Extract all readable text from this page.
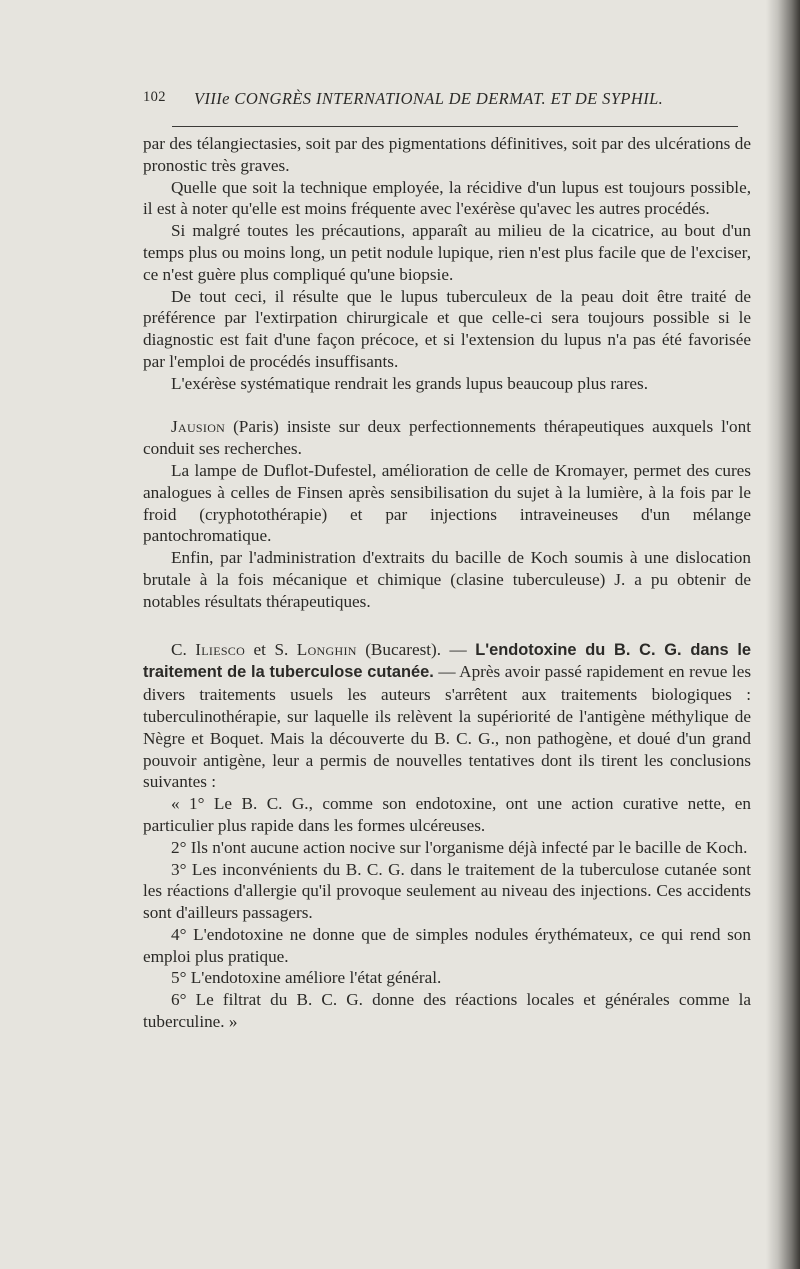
102 VIIIe CONGRÈS INTERNATIONAL DE DERMAT. ET DE SYPHIL.

par des télangiectasies, soit par des pigmentations définitives, soit par des ulcérations de pronostic très graves.

Quelle que soit la technique employée, la récidive d'un lupus est toujours possible, il est à noter qu'elle est moins fréquente avec l'exérèse qu'avec les autres procédés.

Si malgré toutes les précautions, apparaît au milieu de la cicatrice, au bout d'un temps plus ou moins long, un petit nodule lupique, rien n'est plus facile que de l'exciser, ce n'est guère plus compliqué qu'une biopsie.

De tout ceci, il résulte que le lupus tuberculeux de la peau doit être traité de préférence par l'extirpation chirurgicale et que celle-ci sera toujours possible si le diagnostic est fait d'une façon précoce, et si l'extension du lupus n'a pas été favorisée par l'emploi de procédés insuffisants.

L'exérèse systématique rendrait les grands lupus beaucoup plus rares.

Jausion (Paris) insiste sur deux perfectionnements thérapeutiques auxquels l'ont conduit ses recherches.

La lampe de Duflot-Dufestel, amélioration de celle de Kromayer, permet des cures analogues à celles de Finsen après sensibilisation du sujet à la lumière, à la fois par le froid (cryphotothérapie) et par injections intraveineuses d'un mélange pantochromatique.

Enfin, par l'administration d'extraits du bacille de Koch soumis à une dislocation brutale à la fois mécanique et chimique (clasine tuberculeuse) J. a pu obtenir de notables résultats thérapeutiques.

C. Iliesco et S. Longhin (Bucarest). — L'endotoxine du B. C. G. dans le traitement de la tuberculose cutanée. — Après avoir passé rapidement en revue les divers traitements usuels les auteurs s'arrêtent aux traitements biologiques : tuberculinothérapie, sur laquelle ils relèvent la supériorité de l'antigène méthylique de Nègre et Boquet. Mais la découverte du B. C. G., non pathogène, et doué d'un grand pouvoir antigène, leur a permis de nouvelles tentatives dont ils tirent les conclusions suivantes :

« 1° Le B. C. G., comme son endotoxine, ont une action curative nette, en particulier plus rapide dans les formes ulcéreuses.

2° Ils n'ont aucune action nocive sur l'organisme déjà infecté par le bacille de Koch.

3° Les inconvénients du B. C. G. dans le traitement de la tuberculose cutanée sont les réactions d'allergie qu'il provoque seulement au niveau des injections. Ces accidents sont d'ailleurs passagers.

4° L'endotoxine ne donne que de simples nodules érythémateux, ce qui rend son emploi plus pratique.

5° L'endotoxine améliore l'état général.

6° Le filtrat du B. C. G. donne des réactions locales et générales comme la tuberculine. »
